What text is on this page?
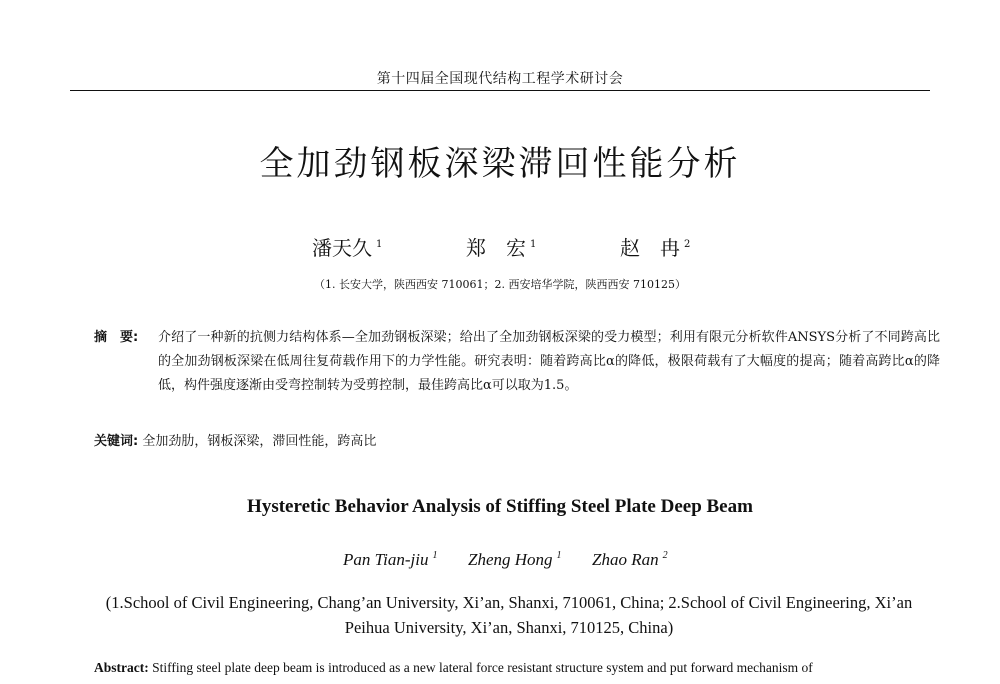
第十四届全国现代结构工程学术研讨会
全加劲钢板深梁滞回性能分析
潘天久 $^1$	郑　宏 $^1$	赵　冉 $^2$
（1. 长安大学，陕西西安 710061；2. 西安培华学院，陕西西安 710125）
摘　要: 介绍了一种新的抗侧力结构体系—全加劲钢板深梁；给出了全加劲钢板深梁的受力模型；利用有限元分析软件ANSYS分析了不同跨高比的全加劲钢板深梁在低周往复荷载作用下的力学性能。研究表明：随着跨高比α的降低，极限荷载有了大幅度的提高；随着高跨比α的降低，构件强度逐渐由受弯控制转为受剪控制，最佳跨高比α可以取为1.5。
关键词: 全加劲肋，钢板深梁，滞回性能，跨高比
Hysteretic Behavior Analysis of Stiffing Steel Plate Deep Beam
Pan Tian-jiu $^1$ Zheng Hong $^1$ Zhao Ran $^2$
(1.School of Civil Engineering, Chang’an University, Xi’an, Shanxi, 710061, China; 2.School of Civil Engineering, Xi’an Peihua University, Xi’an, Shanxi, 710125, China)
Abstract: Stiffing steel plate deep beam is introduced as a new lateral force resistant structure system and put forward mechanism of
